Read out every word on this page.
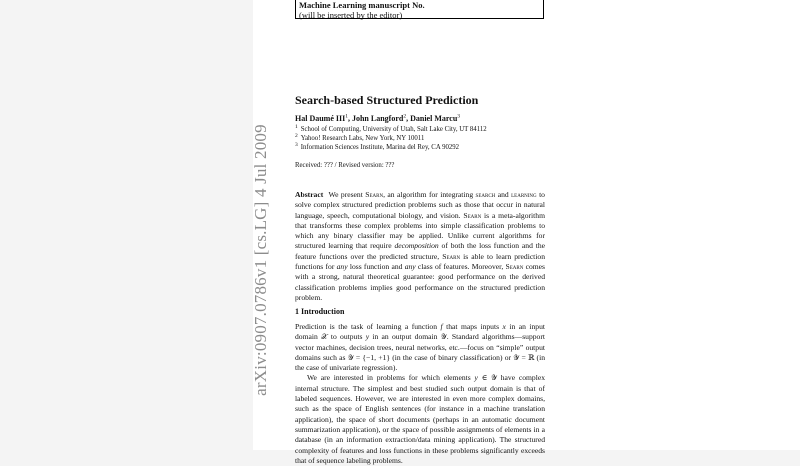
arXiv:0907.0786v1 [cs.LG] 4 Jul 2009
Machine Learning manuscript No.
(will be inserted by the editor)
Search-based Structured Prediction
Hal Daumé III$^1$, John Langford$^2$, Daniel Marcu$^3$
$^1$ School of Computing, University of Utah, Salt Lake City, UT 84112
$^2$ Yahoo! Research Labs, New York, NY 10011
$^3$ Information Sciences Institute, Marina del Rey, CA 90292
Received: ??? / Revised version: ???
Abstract We present Searn, an algorithm for integrating search and learning to solve complex structured prediction problems such as those that occur in natural language, speech, computational biology, and vision. Searn is a meta-algorithm that transforms these complex problems into simple classification problems to which any binary classifier may be applied. Unlike current algorithms for structured learning that require decomposition of both the loss function and the feature functions over the predicted structure, Searn is able to learn prediction functions for any loss function and any class of features. Moreover, Searn comes with a strong, natural theoretical guarantee: good performance on the derived classification problems implies good performance on the structured prediction problem.
1 Introduction

Prediction is the task of learning a function f that maps inputs x in an input domain 𝒳 to outputs y in an output domain 𝒴. Standard algorithms—support vector machines, decision trees, neural networks, etc.—focus on “simple” output domains such as 𝒴 = {−1, +1} (in the case of binary classification) or 𝒴 = ℝ (in the case of univariate regression).

We are interested in problems for which elements y ∈ 𝒴 have complex internal structure. The simplest and best studied such output domain is that of labeled sequences. However, we are interested in even more complex domains, such as the space of English sentences (for instance in a machine translation application), the space of short documents (perhaps in an automatic document summarization application), or the space of possible assignments of elements in a database (in an information extraction/data mining application). The structured complexity of features and loss functions in these problems significantly exceeds that of sequence labeling problems.
